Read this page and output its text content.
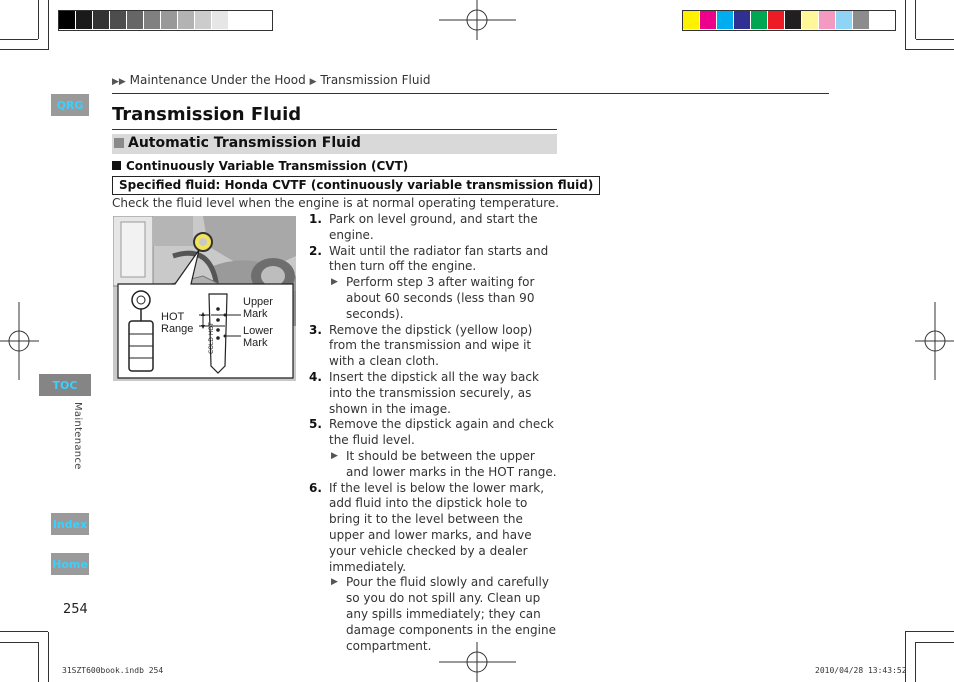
QRG
TOC
Maintenance
Index
Home
254
▶▶ Maintenance Under the Hood ▶ Transmission Fluid
Transmission Fluid
Automatic Transmission Fluid
Continuously Variable Transmission (CVT)
Specified fluid: Honda CVTF (continuously variable transmission fluid)
Check the fluid level when the engine is at normal operating temperature.
COLD HOT
HOT Range
Upper Mark
Lower Mark
1. Park on level ground, and start the engine.
2. Wait until the radiator fan starts and then turn off the engine.
▶ Perform step 3 after waiting for about 60 seconds (less than 90 seconds).
3. Remove the dipstick (yellow loop) from the transmission and wipe it with a clean cloth.
4. Insert the dipstick all the way back into the transmission securely, as shown in the image.
5. Remove the dipstick again and check the fluid level.
▶ It should be between the upper and lower marks in the HOT range.
6. If the level is below the lower mark, add fluid into the dipstick hole to bring it to the level between the upper and lower marks, and have your vehicle checked by a dealer immediately.
▶ Pour the fluid slowly and carefully so you do not spill any. Clean up any spills immediately; they can damage components in the engine compartment.
31SZT600book.indb 254	2010/04/28 13:43:52
